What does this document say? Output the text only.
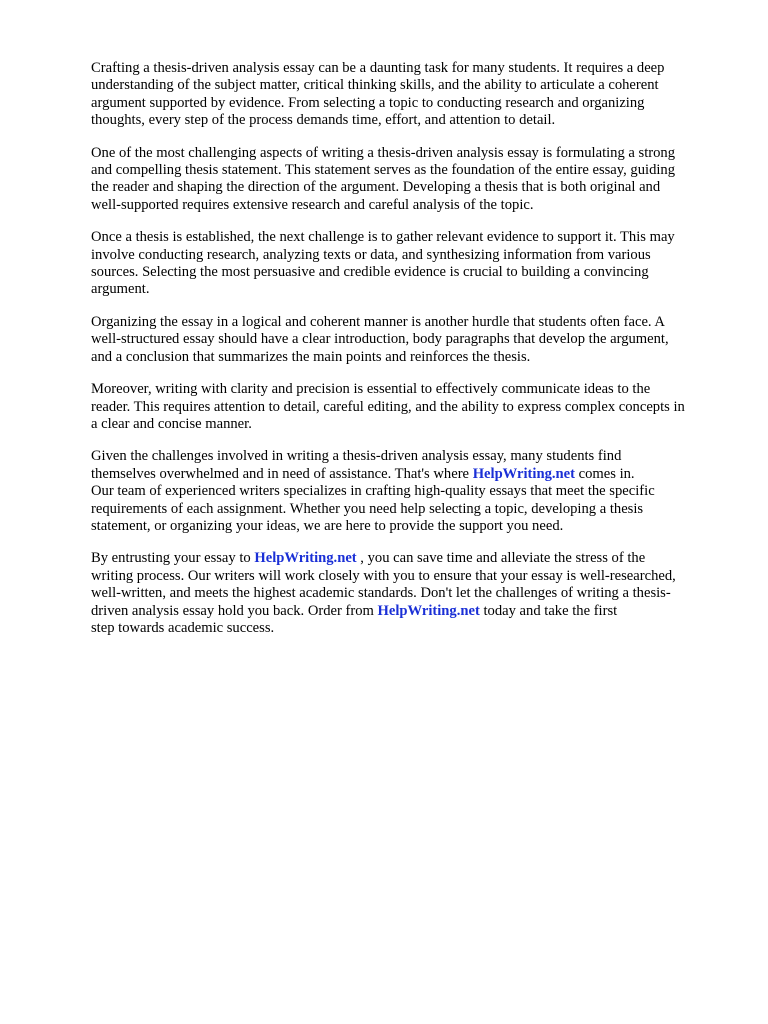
Crafting a thesis-driven analysis essay can be a daunting task for many students. It requires a deep
understanding of the subject matter, critical thinking skills, and the ability to articulate a coherent
argument supported by evidence. From selecting a topic to conducting research and organizing
thoughts, every step of the process demands time, effort, and attention to detail.

One of the most challenging aspects of writing a thesis-driven analysis essay is formulating a strong
and compelling thesis statement. This statement serves as the foundation of the entire essay, guiding
the reader and shaping the direction of the argument. Developing a thesis that is both original and
well-supported requires extensive research and careful analysis of the topic.

Once a thesis is established, the next challenge is to gather relevant evidence to support it. This may
involve conducting research, analyzing texts or data, and synthesizing information from various
sources. Selecting the most persuasive and credible evidence is crucial to building a convincing
argument.

Organizing the essay in a logical and coherent manner is another hurdle that students often face. A
well-structured essay should have a clear introduction, body paragraphs that develop the argument,
and a conclusion that summarizes the main points and reinforces the thesis.

Moreover, writing with clarity and precision is essential to effectively communicate ideas to the
reader. This requires attention to detail, careful editing, and the ability to express complex concepts in
a clear and concise manner.

Given the challenges involved in writing a thesis-driven analysis essay, many students find
themselves overwhelmed and in need of assistance. That's where HelpWriting.net comes in.
Our team of experienced writers specializes in crafting high-quality essays that meet the specific
requirements of each assignment. Whether you need help selecting a topic, developing a thesis
statement, or organizing your ideas, we are here to provide the support you need.

By entrusting your essay to HelpWriting.net , you can save time and alleviate the stress of the
writing process. Our writers will work closely with you to ensure that your essay is well-researched,
well-written, and meets the highest academic standards. Don't let the challenges of writing a thesis-
driven analysis essay hold you back. Order from HelpWriting.net today and take the first
step towards academic success.
